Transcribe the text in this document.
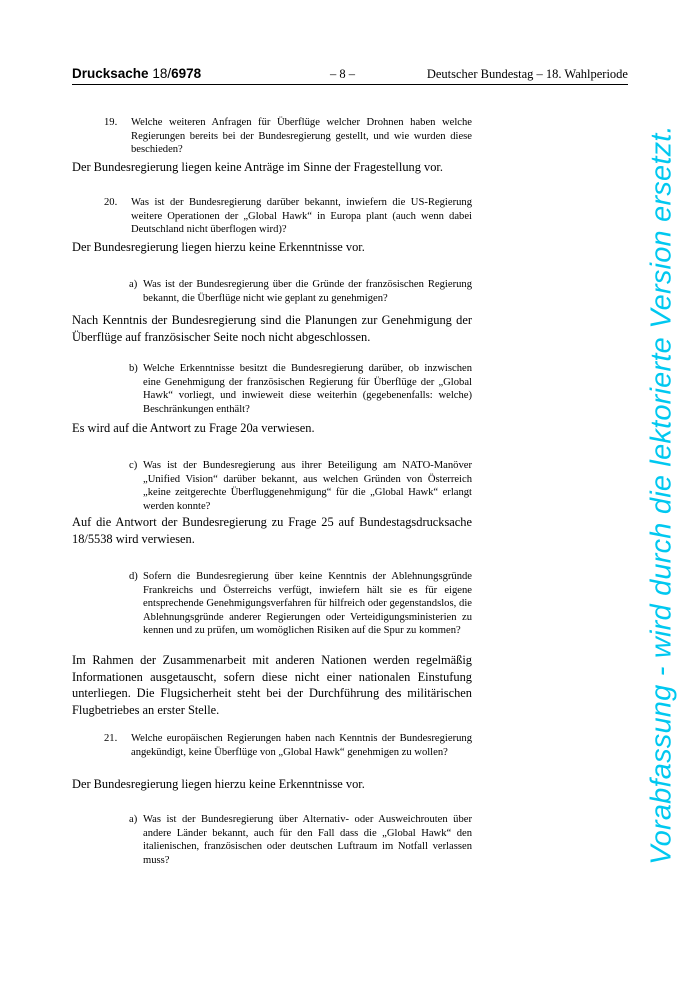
Drucksache 18/6978	– 8 –	Deutscher Bundestag – 18. Wahlperiode
19. Welche weiteren Anfragen für Überflüge welcher Drohnen haben welche Regierungen bereits bei der Bundesregierung gestellt, und wie wurden diese beschieden?
Der Bundesregierung liegen keine Anträge im Sinne der Fragestellung vor.
20. Was ist der Bundesregierung darüber bekannt, inwiefern die US-Regierung weitere Operationen der „Global Hawk“ in Europa plant (auch wenn dabei Deutschland nicht überflogen wird)?
Der Bundesregierung liegen hierzu keine Erkenntnisse vor.
a) Was ist der Bundesregierung über die Gründe der französischen Regierung bekannt, die Überflüge nicht wie geplant zu genehmigen?
Nach Kenntnis der Bundesregierung sind die Planungen zur Genehmigung der Überflüge auf französischer Seite noch nicht abgeschlossen.
b) Welche Erkenntnisse besitzt die Bundesregierung darüber, ob inzwischen eine Genehmigung der französischen Regierung für Überflüge der „Global Hawk“ vorliegt, und inwieweit diese weiterhin (gegebenenfalls: welche) Beschränkungen enthält?
Es wird auf die Antwort zu Frage 20a verwiesen.
c) Was ist der Bundesregierung aus ihrer Beteiligung am NATO-Manöver „Unified Vision“ darüber bekannt, aus welchen Gründen von Österreich „keine zeitgerechte Überfluggenehmigung“ für die „Global Hawk“ erlangt werden konnte?
Auf die Antwort der Bundesregierung zu Frage 25 auf Bundestagsdrucksache 18/5538 wird verwiesen.
d) Sofern die Bundesregierung über keine Kenntnis der Ablehnungsgründe Frankreichs und Österreichs verfügt, inwiefern hält sie es für eigene entsprechende Genehmigungsverfahren für hilfreich oder gegenstandslos, die Ablehnungsgründe anderer Regierungen oder Verteidigungsministerien zu kennen und zu prüfen, um womöglichen Risiken auf die Spur zu kommen?
Im Rahmen der Zusammenarbeit mit anderen Nationen werden regelmäßig Informationen ausgetauscht, sofern diese nicht einer nationalen Einstufung unterliegen. Die Flugsicherheit steht bei der Durchführung des militärischen Flugbetriebes an erster Stelle.
21. Welche europäischen Regierungen haben nach Kenntnis der Bundesregierung angekündigt, keine Überflüge von „Global Hawk“ genehmigen zu wollen?
Der Bundesregierung liegen hierzu keine Erkenntnisse vor.
a) Was ist der Bundesregierung über Alternativ- oder Ausweichrouten über andere Länder bekannt, auch für den Fall dass die „Global Hawk“ den italienischen, französischen oder deutschen Luftraum im Notfall verlassen muss?	Vorabfassung - wird durch die lektorierte Version ersetzt.
